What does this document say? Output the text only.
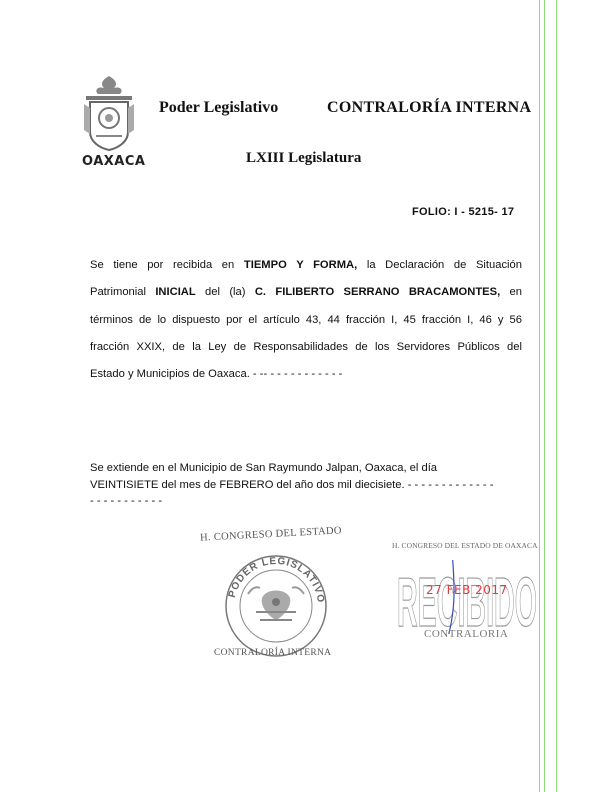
OAXACA
Poder Legislativo	CONTRALORÍA INTERNA
LXIII Legislatura
FOLIO: I - 5215- 17
Se tiene por recibida en TIEMPO Y FORMA, la Declaración de Situación
Patrimonial INICIAL del (la) C. FILIBERTO SERRANO BRACAMONTES, en
términos de lo dispuesto por el artículo 43, 44 fracción I, 45 fracción I, 46 y 56
fracción XXIX, de la Ley de Responsabilidades de los Servidores Públicos del
Estado y Municipios de Oaxaca. - -- - - - - - - - - - - -
Se extiende en el Municipio de San Raymundo Jalpan, Oaxaca, el día
VEINTISIETE del mes de FEBRERO del año dos mil diecisiete. - - - - - - - - - - - - -
- - - - - - - - - - -
H. CONGRESO DEL ESTADO
PODER LEGISLATIVO
CONTRALORÍA INTERNA
H. CONGRESO DEL ESTADO DE OAXACA
RECIBIDO
27 FEB 2017
CONTRALORIA
